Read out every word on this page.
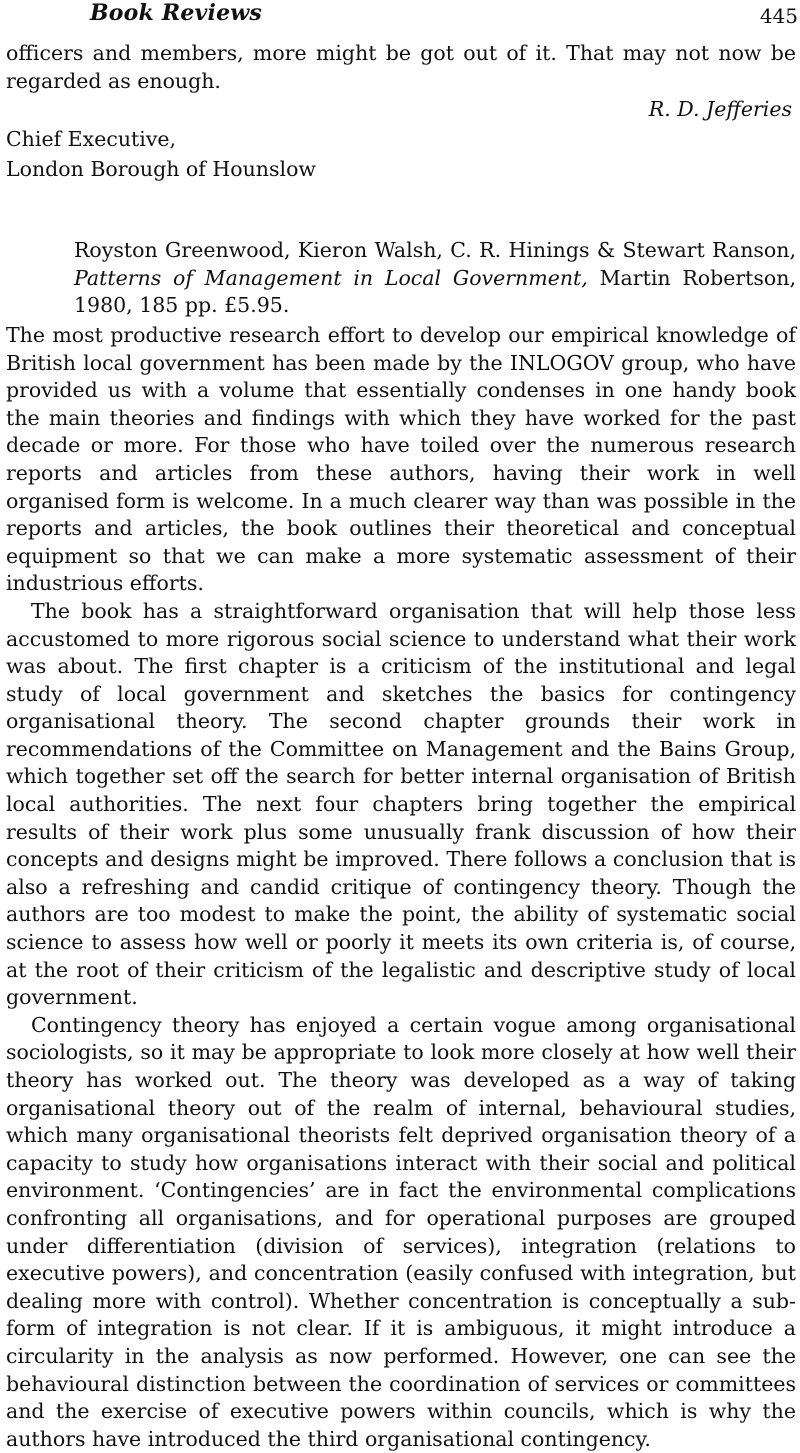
Book Reviews	445

officers and members, more might be got out of it. That may not now be regarded as enough.

R. D. Jefferies
Chief Executive,
London Borough of Hounslow

Royston Greenwood, Kieron Walsh, C. R. Hinings & Stewart Ranson, Patterns of Management in Local Government, Martin Robertson, 1980, 185 pp. £5.95.

The most productive research effort to develop our empirical knowledge of British local government has been made by the INLOGOV group, who have provided us with a volume that essentially condenses in one handy book the main theories and findings with which they have worked for the past decade or more. For those who have toiled over the numerous research reports and articles from these authors, having their work in well organised form is welcome. In a much clearer way than was possible in the reports and articles, the book outlines their theoretical and conceptual equipment so that we can make a more systematic assessment of their industrious efforts.

The book has a straightforward organisation that will help those less accustomed to more rigorous social science to understand what their work was about. The first chapter is a criticism of the institutional and legal study of local government and sketches the basics for contingency organisational theory. The second chapter grounds their work in recommendations of the Committee on Management and the Bains Group, which together set off the search for better internal organisation of British local authorities. The next four chapters bring together the empirical results of their work plus some unusually frank discussion of how their concepts and designs might be improved. There follows a conclusion that is also a refreshing and candid critique of contingency theory. Though the authors are too modest to make the point, the ability of systematic social science to assess how well or poorly it meets its own criteria is, of course, at the root of their criticism of the legalistic and descriptive study of local government.

Contingency theory has enjoyed a certain vogue among organisational sociologists, so it may be appropriate to look more closely at how well their theory has worked out. The theory was developed as a way of taking organisational theory out of the realm of internal, behavioural studies, which many organisational theorists felt deprived organisation theory of a capacity to study how organisations interact with their social and political environment. ‘Contingencies’ are in fact the environmental complications confronting all organisations, and for operational purposes are grouped under differentiation (division of services), integration (relations to executive powers), and concentration (easily confused with integration, but dealing more with control). Whether concentration is conceptually a sub-form of integration is not clear. If it is ambiguous, it might introduce a circularity in the analysis as now performed. However, one can see the behavioural distinction between the coordination of services or committees and the exercise of executive powers within councils, which is why the authors have introduced the third organisational contingency.
